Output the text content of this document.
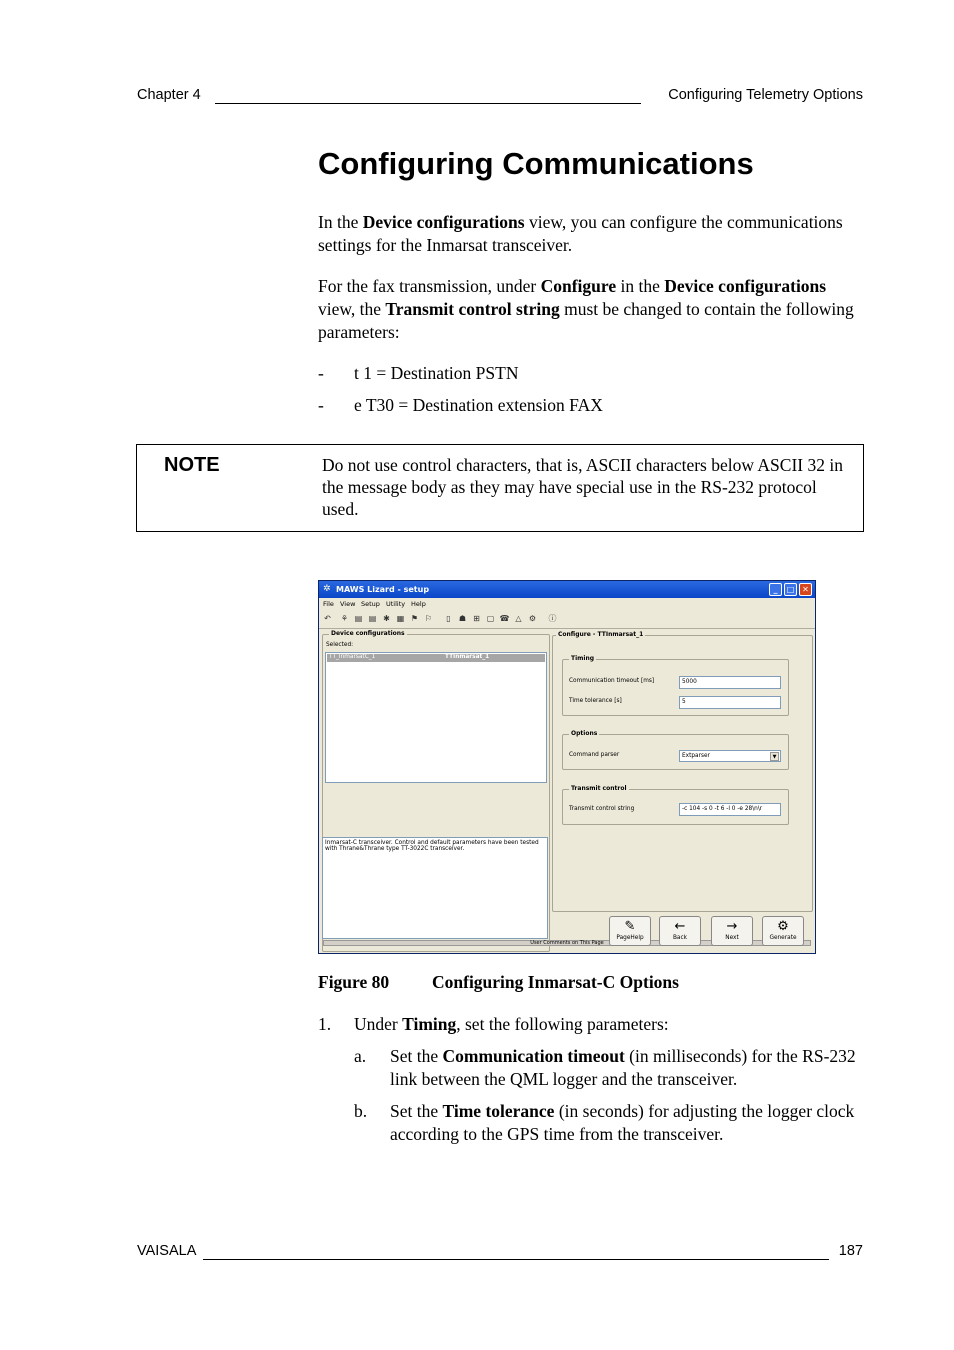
Chapter 4	Configuring Telemetry Options
Configuring Communications

In the Device configurations view, you can configure the communications settings for the Inmarsat transceiver.

For the fax transmission, under Configure in the Device configurations view, the Transmit control string must be changed to contain the following parameters:

- t 1 = Destination PSTN
- e T30 = Destination extension FAX
NOTE	Do not use control characters, that is, ASCII characters below ASCII 32 in the message body as they may have special use in the RS-232 protocol used.
✲ MAWS Lizard - setup	_	□ ✕
File View Setup Utility Help
↶ ⚘ ▤ ▤ ✱ ▦ ⚑ ⚐	▯	☗ ⊞ ▢ ☎ △ ⚙ ⓘ
Device configurations
Selected:
TT_InmarsatC_1	TTInmarsat_1
Inmarsat-C transceiver. Control and default parameters have been tested with Thrane&Thrane type TT-3022C transceiver.
User Comments on This Page
Configure - TTInmarsat_1
Timing
Communication timeout [ms]	5000
Time tolerance [s]	5
Options
Command parser	Extparser	▼
Transmit control
Transmit control string	-c 104 -s 0 -t 6 -l 0 -e 28\n\r
✎
PageHelp
←
Back
→
Next
⚙
Generate
Figure 80 Configuring Inmarsat-C Options
1. Under Timing, set the following parameters:
a. Set the Communication timeout (in milliseconds) for the RS-232 link between the QML logger and the transceiver.
b. Set the Time tolerance (in seconds) for adjusting the logger clock according to the GPS time from the transceiver.
VAISALA	187
